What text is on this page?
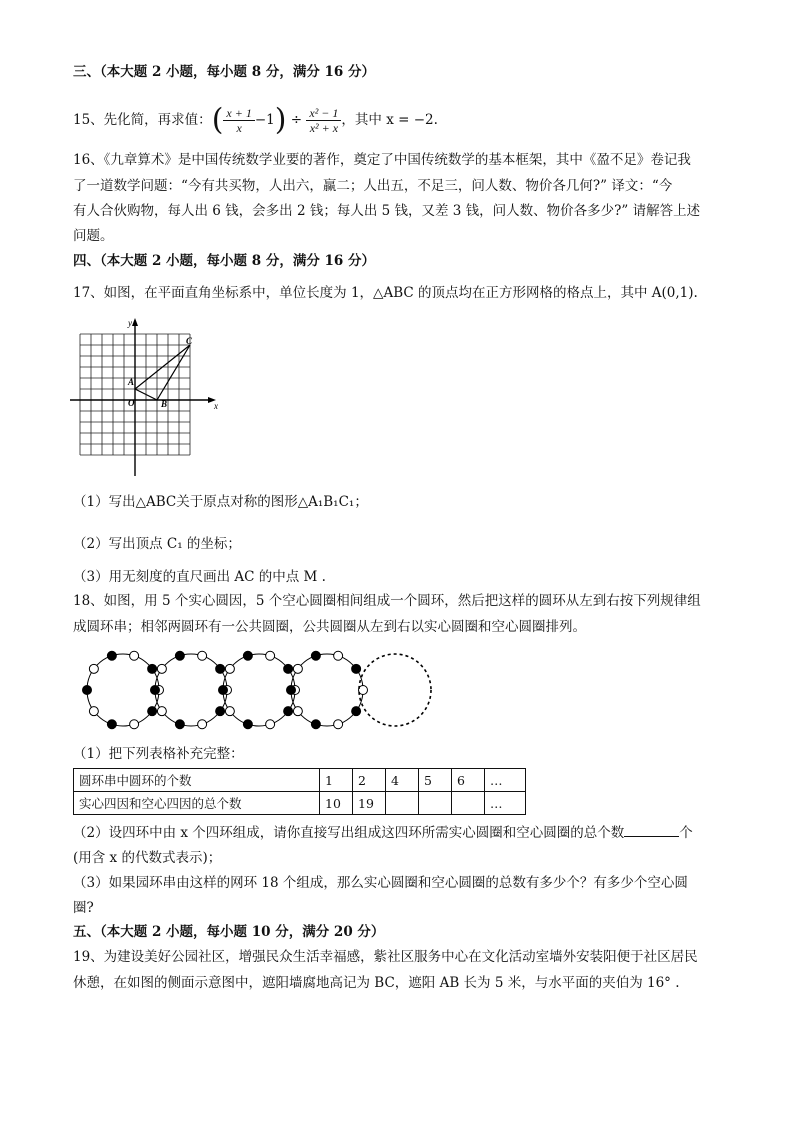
三、（本大题 2 小题，每小题 8 分，满分 16 分）
15、先化简，再求值：( $\frac{x + 1}{x} -1) \div \frac{\text{x² − 1}}{\text{x² + x}}$ ，其中 x = −2.
16、《九章算术》是中国传统数学业要的著作，奠定了中国传统数学的基本框架，其中《盈不足》卷记我
了一道数学问题：“今有共买物，人出六，赢二；人出五，不足三，问人数、物价各几何?” 译文：“今
有人合伙购物，每人出 6 钱，会多出 2 钱；每人出 5 钱，又差 3 钱，问人数、物价各多少?” 请解答上述
问题。
四、（本大题 2 小题，每小题 8 分，满分 16 分）
17、如图，在平面直角坐标系中，单位长度为 1，△ABC 的顶点均在正方形网格的格点上，其中 A(0,1).
x
y
O
A
B
C
（1）写出△ABC关于原点对称的图形△A₁B₁C₁；
（2）写出顶点 C₁ 的坐标；
（3）用无刻度的直尺画出 AC 的中点 M .
18、如图，用 5 个实心圆因，5 个空心圆圈相间组成一个圆环，然后把这样的圆环从左到右按下列规律组
成圆环串；相邻两圆环有一公共圆圈，公共圆圈从左到右以实心圆圈和空心圆圈排列。
（1）把下列表格补充完整：
圆环串中圆环的个数	1	2	4	5	6	…
实心四因和空心四因的总个数	10	19				…
（2）设四环中由 x 个四环组成，请你直接写出组成这四环所需实心圆圈和空心圆圈的总个数	个
(用含 x 的代数式表示)；
（3）如果园环串由这样的网环 18 个组成，那么实心圆圈和空心圆圈的总数有多少个？有多少个空心圆
圈?
五、（本大题 2 小题，每小题 10 分，满分 20 分）
19、为建设美好公园社区，增强民众生活幸福感，紫社区服务中心在文化活动室墙外安装阳便于社区居民
休憩，在如图的侧面示意图中，遮阳墙腐地高记为 BC，遮阳 AB 长为 5 米，与水平面的夹伯为 16° .
